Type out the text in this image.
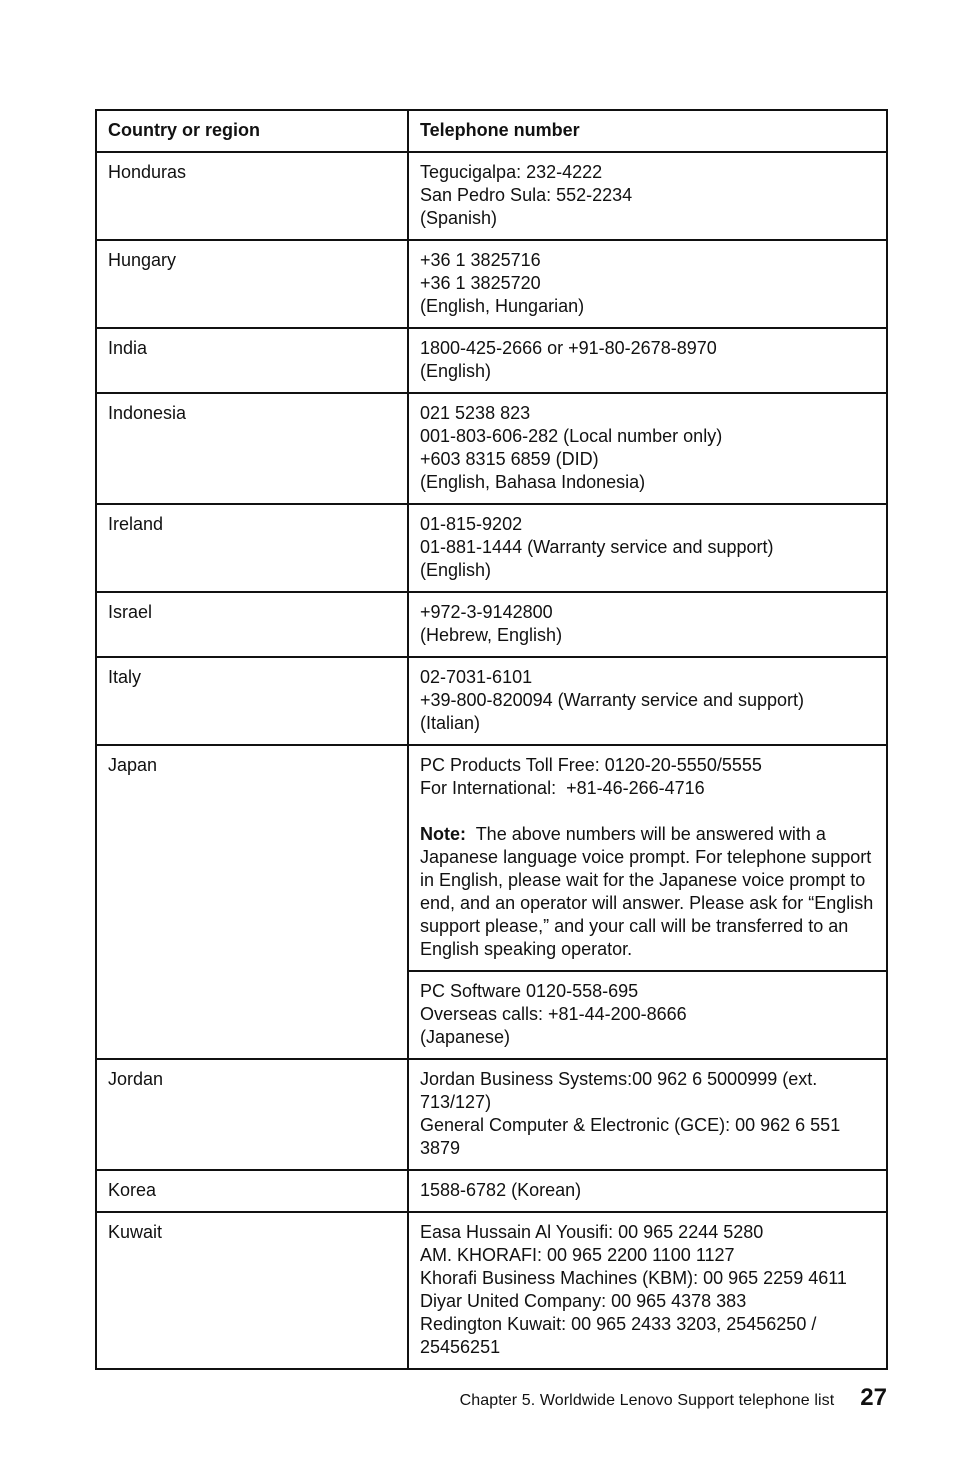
Country or region	Telephone number
Honduras	Tegucigalpa: 232-4222
San Pedro Sula: 552-2234
(Spanish)
Hungary	+36 1 3825716
+36 1 3825720
(English, Hungarian)
India	1800-425-2666 or +91-80-2678-8970
(English)
Indonesia	021 5238 823
001-803-606-282 (Local number only)
+603 8315 6859 (DID)
(English, Bahasa Indonesia)
Ireland	01-815-9202
01-881-1444 (Warranty service and support)
(English)
Israel	+972-3-9142800
(Hebrew, English)
Italy	02-7031-6101
+39-800-820094 (Warranty service and support)
(Italian)
Japan	PC Products Toll Free: 0120-20-5550/5555
For International:  +81-46-266-4716
Note: The above numbers will be answered with a Japanese language voice prompt. For telephone support in English, please wait for the Japanese voice prompt to end, and an operator will answer. Please ask for “English support please,” and your call will be transferred to an English speaking operator.
PC Software 0120-558-695
Overseas calls: +81-44-200-8666
(Japanese)
Jordan	Jordan Business Systems:00 962 6 5000999 (ext. 713/127)
General Computer & Electronic (GCE): 00 962 6 551 3879
Korea	1588-6782 (Korean)
Kuwait	Easa Hussain Al Yousifi: 00 965 2244 5280
AM. KHORAFI: 00 965 2200 1100 1127
Khorafi Business Machines (KBM): 00 965 2259 4611
Diyar United Company: 00 965 4378 383
Redington Kuwait: 00 965 2433 3203, 25456250 / 25456251
Chapter 5. Worldwide Lenovo Support telephone list 27
